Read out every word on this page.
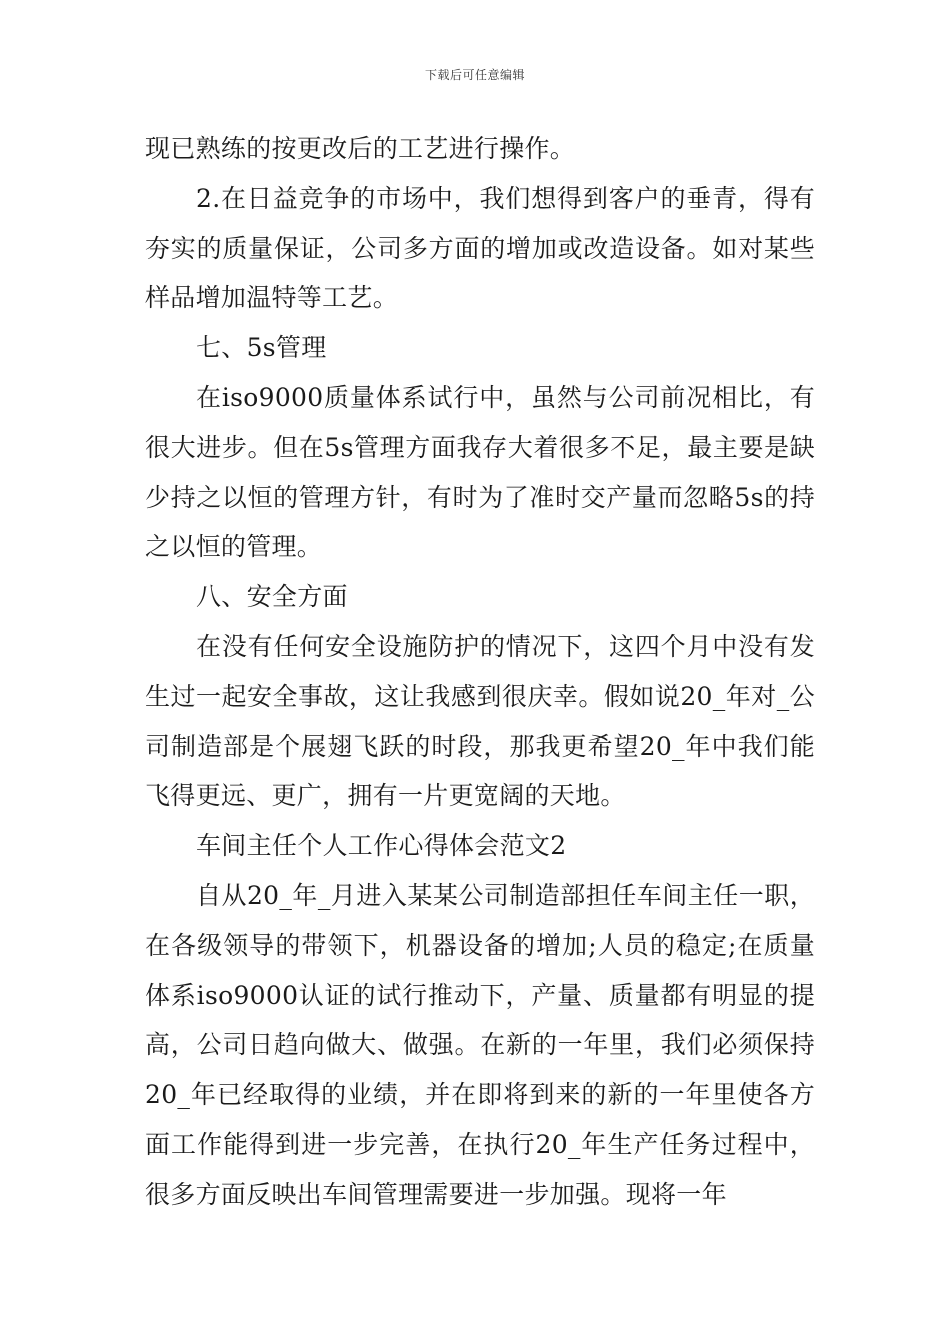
下载后可任意编辑

现已熟练的按更改后的工艺进行操作。

2.在日益竞争的市场中，我们想得到客户的垂青，得有夯实的质量保证，公司多方面的增加或改造设备。如对某些样品增加温特等工艺。

七、5s管理

在iso9000质量体系试行中，虽然与公司前况相比，有很大进步。但在5s管理方面我存大着很多不足，最主要是缺少持之以恒的管理方针，有时为了准时交产量而忽略5s的持之以恒的管理。

八、安全方面

在没有任何安全设施防护的情况下，这四个月中没有发生过一起安全事故，这让我感到很庆幸。假如说20_年对_公司制造部是个展翅飞跃的时段，那我更希望20_年中我们能飞得更远、更广，拥有一片更宽阔的天地。

车间主任个人工作心得体会范文2

自从20_年_月进入某某公司制造部担任车间主任一职，在各级领导的带领下，机器设备的增加;人员的稳定;在质量体系iso9000认证的试行推动下，产量、质量都有明显的提高，公司日趋向做大、做强。在新的一年里，我们必须保持20_年已经取得的业绩，并在即将到来的新的一年里使各方面工作能得到进一步完善，在执行20_年生产任务过程中，很多方面反映出车间管理需要进一步加强。现将一年
